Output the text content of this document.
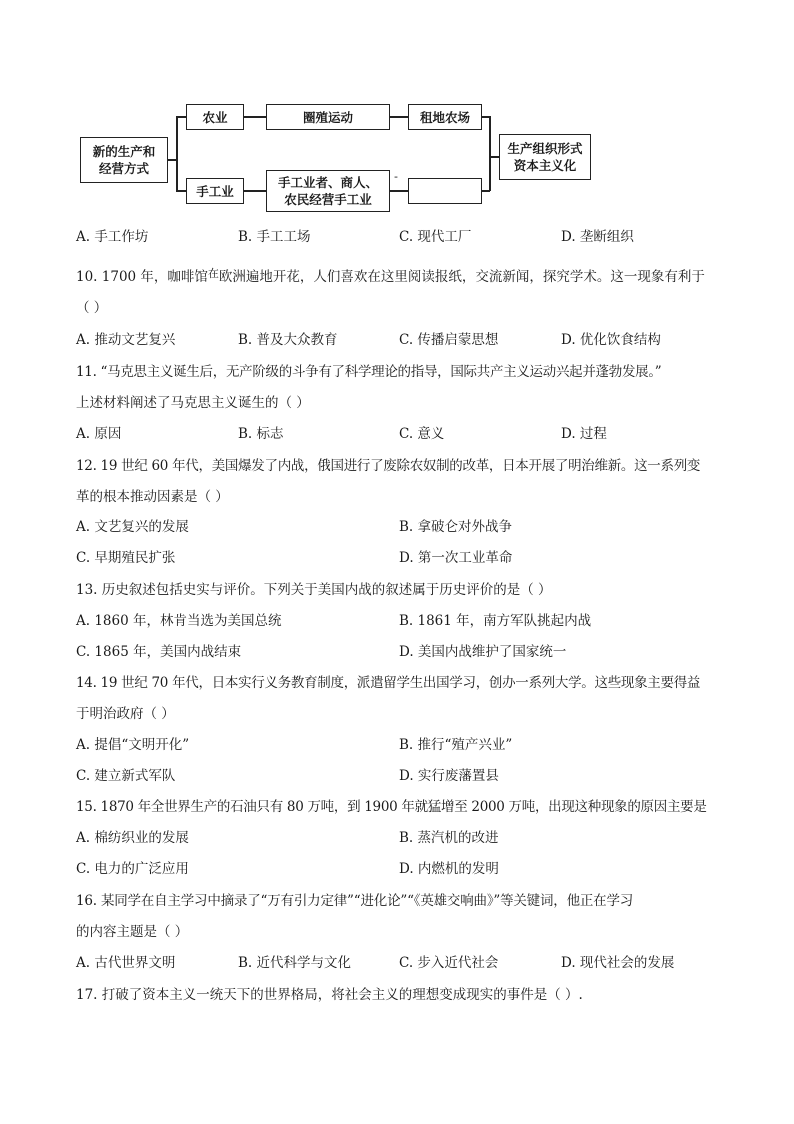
新的生产和经营方式
农业	圈殖运动	租地农场
手工业
手工业者、商人、农民经营手工业
-
生产组织形式资本主义化
A. 手工作坊	B. 手工工场	C. 现代工厂	D. 垄断组织
10. 1700 年，咖啡馆$^在$欧洲遍地开花，人们喜欢在这里阅读报纸，交流新闻，探究学术。这一现象有利于
（ ）
A. 推动文艺复兴	B. 普及大众教育	C. 传播启蒙思想	D. 优化饮食结构
11. “马克思主义诞生后，无产阶级的斗争有了科学理论的指导，国际共产主义运动兴起并蓬勃发展。”
上述材料阐述了马克思主义诞生的（ ）
A. 原因	B. 标志	C. 意义	D. 过程
12. 19 世纪 60 年代，美国爆发了内战，俄国进行了废除农奴制的改革，日本开展了明治维新。这一系列变
革的根本推动因素是（ ）
A. 文艺复兴的发展	B. 拿破仑对外战争
C. 早期殖民扩张	D. 第一次工业革命
13. 历史叙述包括史实与评价。下列关于美国内战的叙述属于历史评价的是（ ）
A. 1860 年，林肯当选为美国总统	B. 1861 年，南方军队挑起内战
C. 1865 年，美国内战结束	D. 美国内战维护了国家统一
14. 19 世纪 70 年代，日本实行义务教育制度，派遣留学生出国学习，创办一系列大学。这些现象主要得益
于明治政府（ ）
A. 提倡“文明开化”	B. 推行“殖产兴业”
C. 建立新式军队	D. 实行废藩置县
15. 1870 年全世界生产的石油只有 80 万吨，到 1900 年就猛增至 2000 万吨，出现这种现象的原因主要是
A. 棉纺织业的发展	B. 蒸汽机的改进
C. 电力的广泛应用	D. 内燃机的发明
16. 某同学在自主学习中摘录了“万有引力定律”“进化论”“《英雄交响曲》”等关键词，他正在学习
的内容主题是（ ）
A. 古代世界文明	B. 近代科学与文化	C. 步入近代社会	D. 现代社会的发展
17. 打破了资本主义一统天下的世界格局，将社会主义的理想变成现实的事件是（ ）.
